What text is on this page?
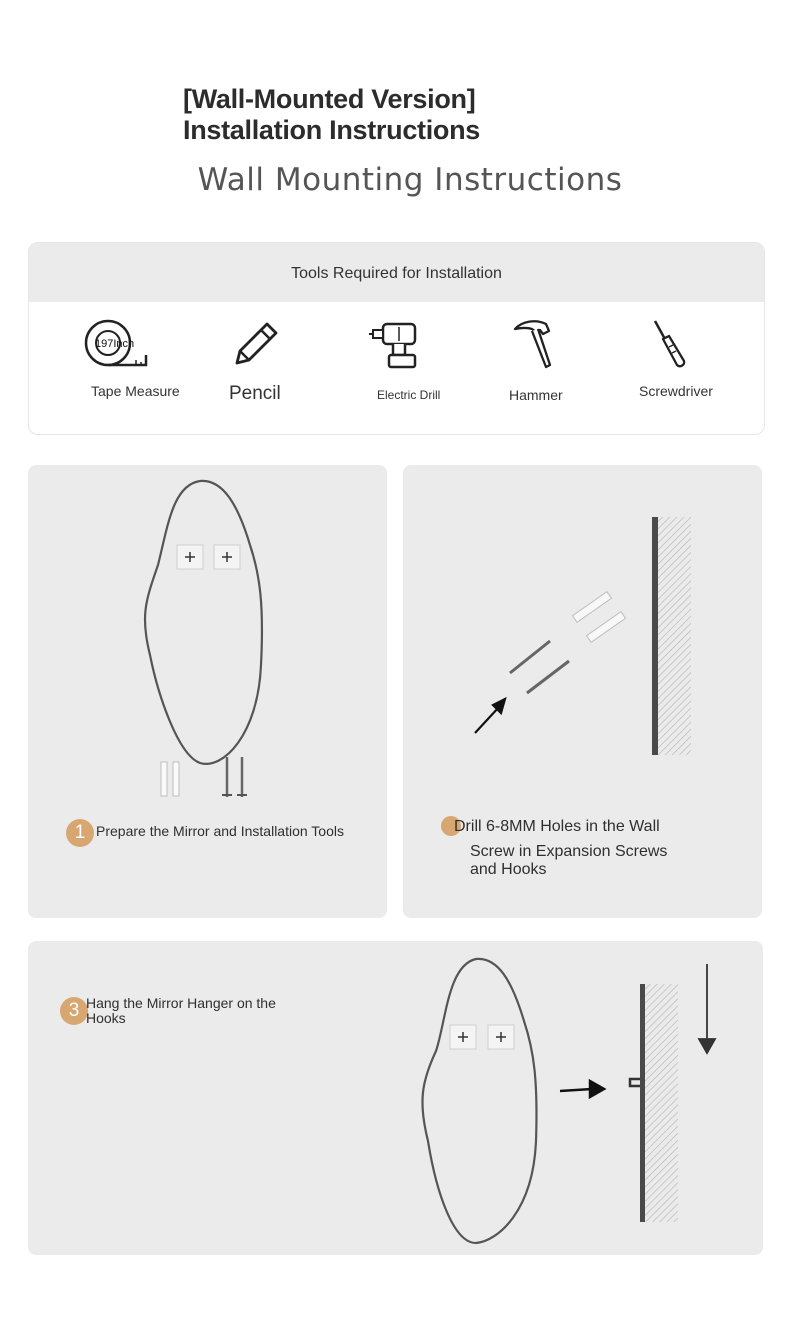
[Wall-Mounted Version]
Installation Instructions
Wall Mounting Instructions
Tools Required for Installation
197Inch
Tape Measure	Pencil	Electric Drill	Hammer	Screwdriver
1 Prepare the Mirror and Installation Tools	Drill 6-8MM Holes in the Wall
Screw in Expansion Screws
and Hooks
3 Hang the Mirror Hanger on the
Hooks
